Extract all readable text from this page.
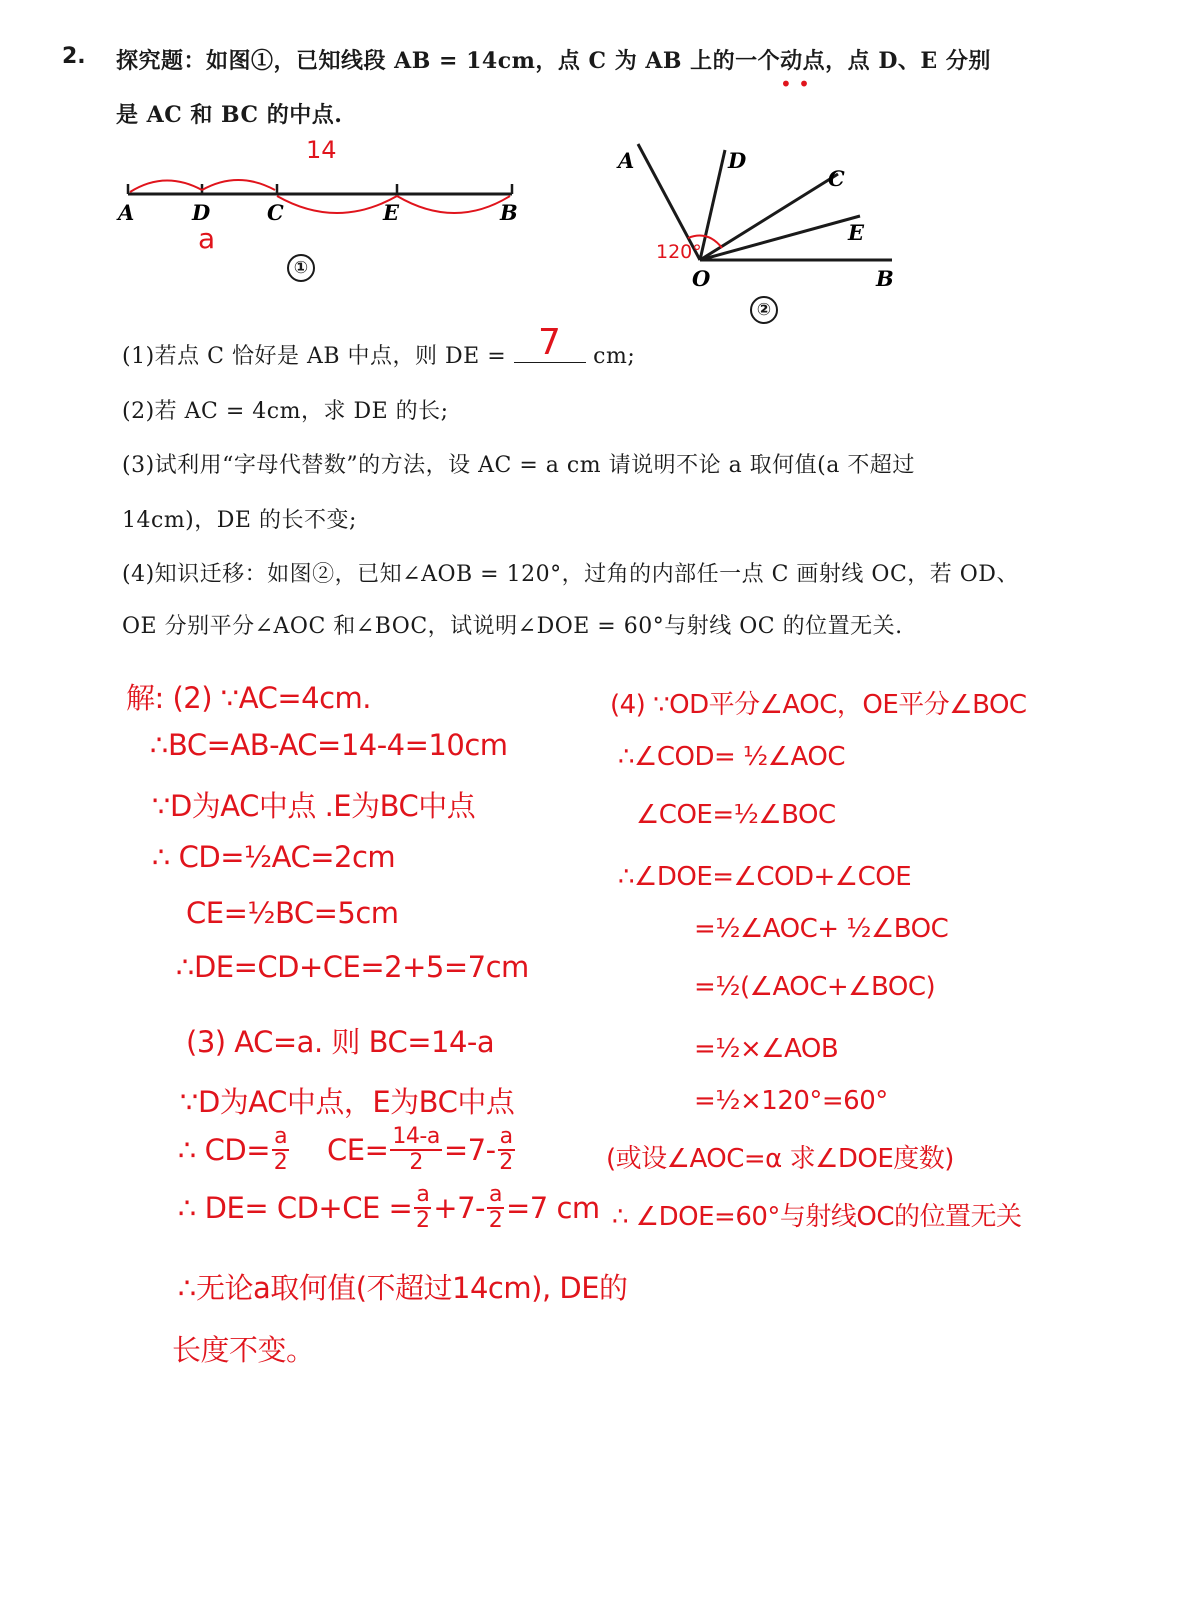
2. 探究题：如图①，已知线段 AB = 14cm，点 C 为 AB 上的一个动点，点 D、E 分别
• •
是 AC 和 BC 的中点.
A	D	C	E	B
14
a
①
A	D
C
E
O	B
120°
②
(1)若点 C 恰好是 AB 中点，则 DE = 7	cm;
(2)若 AC = 4cm，求 DE 的长;
(3)试利用“字母代替数”的方法，设 AC = a cm 请说明不论 a 取何值(a 不超过
14cm)，DE 的长不变;
(4)知识迁移：如图②，已知∠AOB = 120°，过角的内部任一点 C 画射线 OC，若 OD、
OE 分别平分∠AOC 和∠BOC，试说明∠DOE = 60°与射线 OC 的位置无关.
解: (2) ∵AC=4cm.
∴BC=AB-AC=14-4=10cm
∵D为AC中点 .E为BC中点
∴ CD=½AC=2cm
CE=½BC=5cm
∴DE=CD+CE=2+5=7cm
(3) AC=a. 则 BC=14-a
∵D为AC中点，E为BC中点
∴ $CD= \frac{a}{2} CE= \frac{14-a}{2} =7- \frac{a}{2}$
∴ $DE= CD+CE = \frac{a}{2} +7- \frac{a}{2} =7$ cm
∴无论a取何值(不超过14cm), DE的
长度不变。
(4) ∵OD平分∠AOC，OE平分∠BOC
∴∠COD= ½∠AOC
∠COE=½∠BOC
∴∠DOE=∠COD+∠COE
=½∠AOC+ ½∠BOC
=½(∠AOC+∠BOC)
=½×∠AOB
=½×120°=60°
(或设∠AOC=α 求∠DOE度数)
∴ ∠DOE=60°与射线OC的位置无关
